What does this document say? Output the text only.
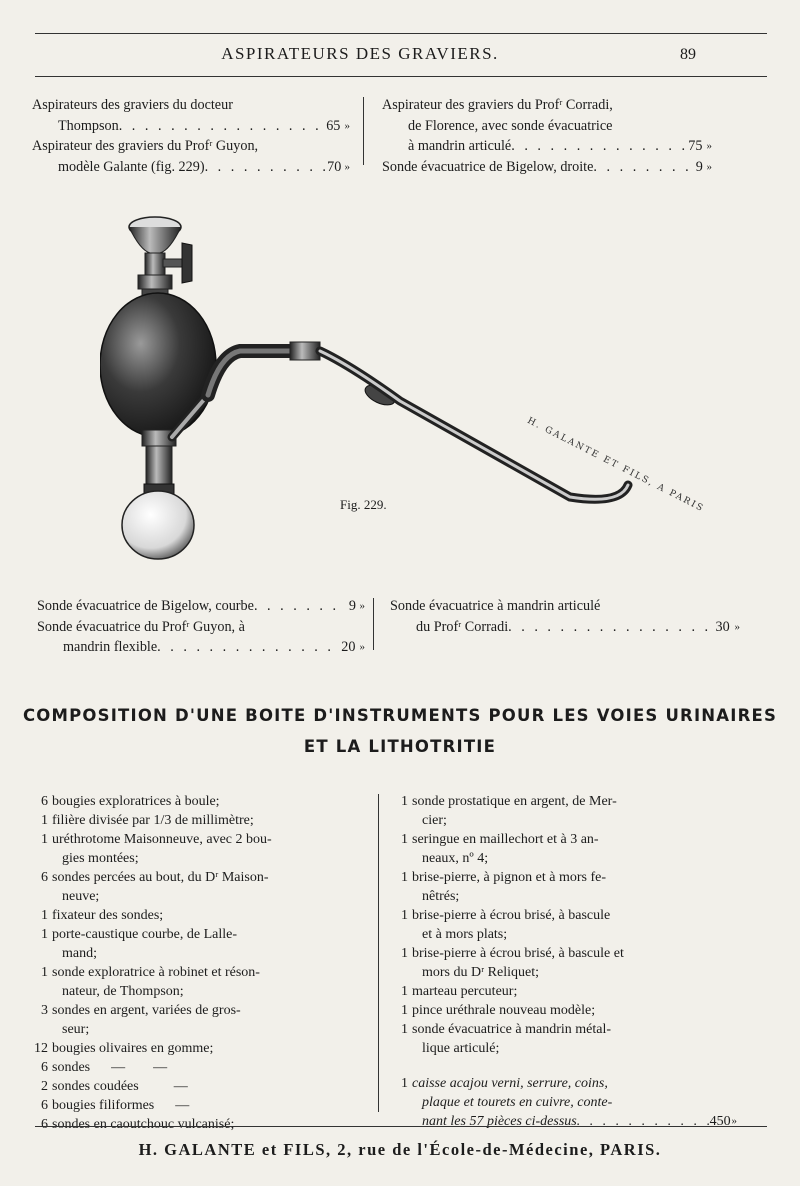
ASPIRATEURS DES GRAVIERS.	89

Aspirateurs des graviers du docteur

Thompson . . .	65 »

Aspirateur des graviers du Profʳ Guyon,

modèle Galante (fig. 229) . . .	70 »

Aspirateur des graviers du Profʳ Corradi,

de Florence, avec sonde évacuatrice

à mandrin articulé . . .	75 »
Sonde évacuatrice de Bigelow, droite . . .	9 »
H. GALANTE ET FILS, A PARIS
Fig. 229.
Sonde évacuatrice de Bigelow, courbe . . .	9 »

Sonde évacuatrice du Profʳ Guyon, à

mandrin flexible . . .	20 »

Sonde évacuatrice à mandrin articulé

du Profʳ Corradi . . .	30 »
COMPOSITION D'UNE BOITE D'INSTRUMENTS POUR LES VOIES URINAIRES
ET LA LITHOTRITIE

6 bougies exploratrices à boule;

1 filière divisée par 1/3 de millimètre;

1 uréthrotome Maisonneuve, avec 2 bou-

gies montées;

6 sondes percées au bout, du Dʳ Maison-

neuve;

1 fixateur des sondes;

1 porte-caustique courbe, de Lalle-

mand;

1 sonde exploratrice à robinet et réson-

nateur, de Thompson;

3 sondes en argent, variées de gros-

seur;

12 bougies olivaires en gomme;

6 sondes      —        —

2 sondes coudées          —

6 bougies filiformes      —

6 sondes en caoutchouc vulcanisé;

1 sonde prostatique en argent, de Mer-

cier;

1 seringue en maillechort et à 3 an-

neaux, nº 4;

1 brise-pierre, à pignon et à mors fe-

nêtrés;

1 brise-pierre à écrou brisé, à bascule

et à mors plats;

1 brise-pierre à écrou brisé, à bascule et

mors du Dʳ Reliquet;

1 marteau percuteur;

1 pince uréthrale nouveau modèle;

1 sonde évacuatrice à mandrin métal-

lique articulé;

1 caisse acajou verni, serrure, coins,

plaque et tourets en cuivre, conte-

nant les 57 pièces ci-dessus . . .	450 »
H. GALANTE et FILS, 2, rue de l'École-de-Médecine, PARIS.
